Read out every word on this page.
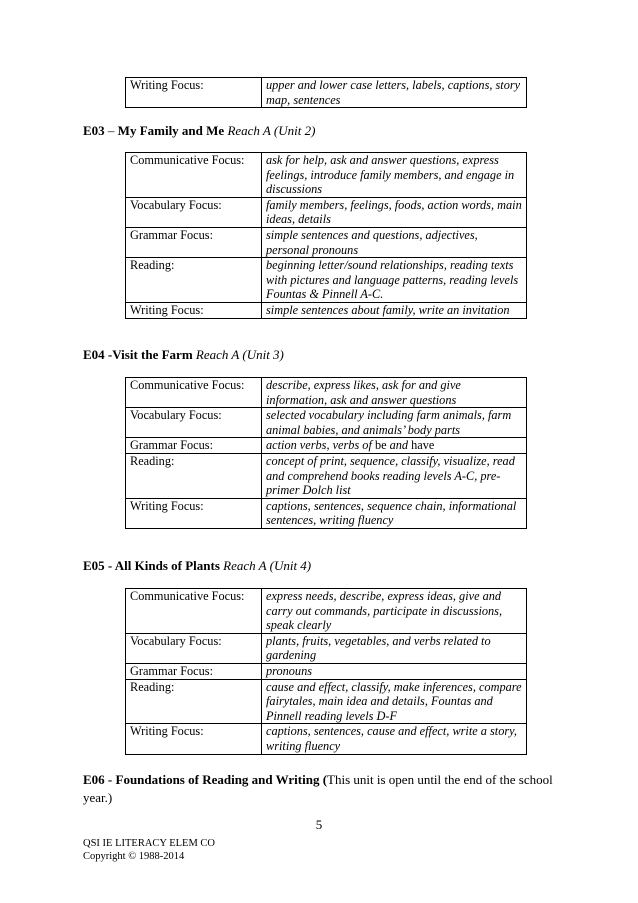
Writing Focus:	upper and lower case letters, labels, captions, story map, sentences
E03 – My Family and Me Reach A (Unit 2)
Communicative Focus:	ask for help, ask and answer questions, express feelings, introduce family members, and engage in discussions
Vocabulary Focus:	family members, feelings, foods, action words, main ideas, details
Grammar Focus:	simple sentences and questions, adjectives, personal pronouns
Reading:	beginning letter/sound relationships, reading texts with pictures and language patterns, reading levels Fountas & Pinnell A-C.
Writing Focus:	simple sentences about family, write an invitation
E04 -Visit the Farm Reach A (Unit 3)
Communicative Focus:	describe, express likes, ask for and give information, ask and answer questions
Vocabulary Focus:	selected vocabulary including farm animals, farm animal babies, and animals’ body parts
Grammar Focus:	action verbs, verbs of be and have
Reading:	concept of print, sequence, classify, visualize, read and comprehend books reading levels A-C, pre-primer Dolch list
Writing Focus:	captions, sentences, sequence chain, informational sentences, writing fluency
E05 - All Kinds of Plants Reach A (Unit 4)
Communicative Focus:	express needs, describe, express ideas, give and carry out commands, participate in discussions, speak clearly
Vocabulary Focus:	plants, fruits, vegetables, and verbs related to gardening
Grammar Focus:	pronouns
Reading:	cause and effect, classify, make inferences, compare fairytales, main idea and details, Fountas and Pinnell reading levels D-F
Writing Focus:	captions, sentences, cause and effect, write a story, writing fluency
E06 - Foundations of Reading and Writing (This unit is open until the end of the school year.)
5
QSI IE LITERACY ELEM CO
Copyright © 1988-2014
